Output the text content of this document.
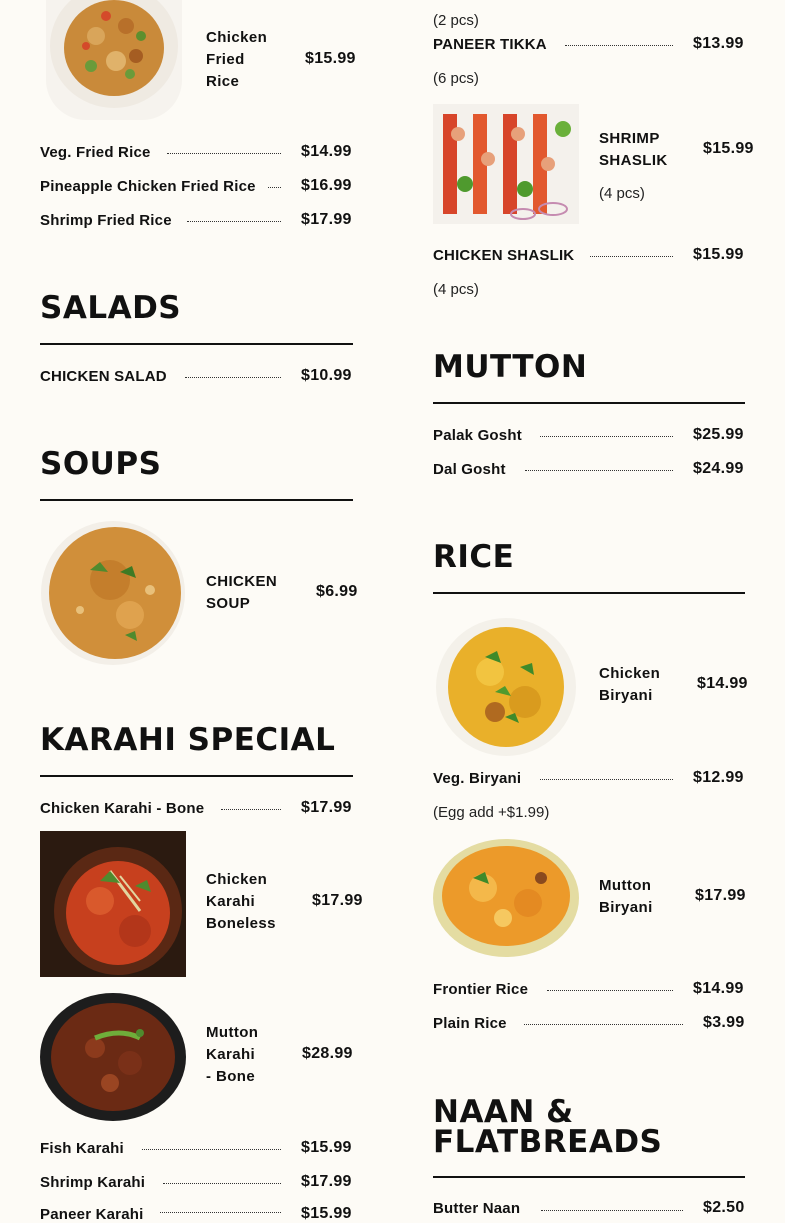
Chicken
Fried
Rice
$15.99
Veg. Fried Rice	$14.99
Pineapple Chicken Fried Rice	$16.99
Shrimp Fried Rice	$17.99
SALADS
CHICKEN SALAD	$10.99
SOUPS
CHICKEN
SOUP
$6.99
KARAHI SPECIAL
Chicken Karahi - Bone	$17.99
Chicken
Karahi
Boneless
$17.99
Mutton
Karahi
- Bone
$28.99
Fish Karahi	$15.99
Shrimp Karahi	$17.99
Paneer Karahi	$15.99
(2 pcs)
PANEER TIKKA	$13.99
(6 pcs)
SHRIMP
SHASLIK
$15.99
(4 pcs)
CHICKEN SHASLIK	$15.99
(4 pcs)
MUTTON
Palak Gosht	$25.99
Dal Gosht	$24.99
RICE
Chicken
Biryani
$14.99
Veg. Biryani	$12.99
(Egg add +$1.99)
Mutton
Biryani
$17.99
Frontier Rice	$14.99
Plain Rice	$3.99
NAAN &
FLATBREADS
Butter Naan	$2.50
